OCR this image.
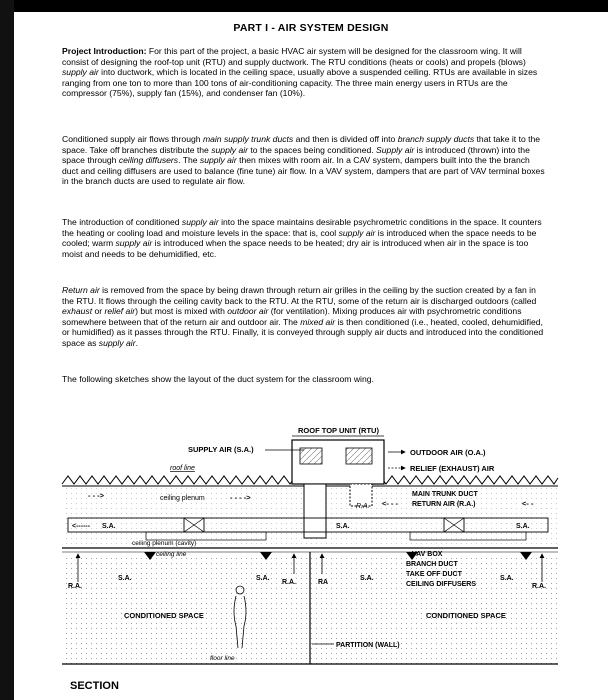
PART I - AIR SYSTEM DESIGN

Project Introduction: For this part of the project, a basic HVAC air system will be designed for the classroom wing. It will consist of designing the roof-top unit (RTU) and supply ductwork. The RTU conditions (heats or cools) and propels (blows) supply air into ductwork, which is located in the ceiling space, usually above a suspended ceiling. RTUs are available in sizes ranging from one ton to more than 100 tons of air-conditioning capacity. The three main energy users in RTUs are the compressor (75%), supply fan (15%), and condenser fan (10%).

Conditioned supply air flows through main supply trunk ducts and then is divided off into branch supply ducts that take it to the space. Take off branches distribute the supply air to the spaces being conditioned. Supply air is introduced (thrown) into the space through ceiling diffusers. The supply air then mixes with room air. In a CAV system, dampers built into the the branch duct and ceiling diffusers are used to balance (fine tune) air flow. In a VAV system, dampers that are part of VAV terminal boxes in the branch ducts are used to regulate air flow.

The introduction of conditioned supply air into the space maintains desirable psychrometric conditions in the space. It counters the heating or cooling load and moisture levels in the space: that is, cool supply air is introduced when the space needs to be cooled; warm supply air is introduced when the space needs to be heated; dry air is introduced when air in the space is too moist and needs to be dehumidified, etc.

Return air is removed from the space by being drawn through return air grilles in the ceiling by the suction created by a fan in the RTU. It flows through the ceiling cavity back to the RTU. At the RTU, some of the return air is discharged outdoors (called exhaust or relief air) but most is mixed with outdoor air (for ventilation). Mixing produces air with psychrometric conditions somewhere between that of the return air and outdoor air. The mixed air is then conditioned (i.e., heated, cooled, dehumidified, or humidified) as it passes through the RTU. Finally, it is conveyed through supply air ducts and introduced into the conditioned space as supply air.

The following sketches show the layout of the duct system for the classroom wing.

ROOF TOP UNIT (RTU)
OUTDOOR AIR (O.A.)
RELIEF (EXHAUST) AIR
SUPPLY AIR (S.A.)
roof line
- - ->	ceiling plenum	- - - ->
R.A.
MAIN TRUNK DUCT
<- - - RETURN AIR (R.A.)	<- -
<------ S.A.	S.A.	S.A.
ceiling plenum (cavity)
ceiling line
R.A.	R.A.
S.A.	S.A.
R.A.	RA
S.A.	S.A.
VAV BOX
BRANCH DUCT
TAKE OFF DUCT
CEILING DIFFUSERS
PARTITION (WALL)
CONDITIONED SPACE	CONDITIONED SPACE
floor line
SECTION
